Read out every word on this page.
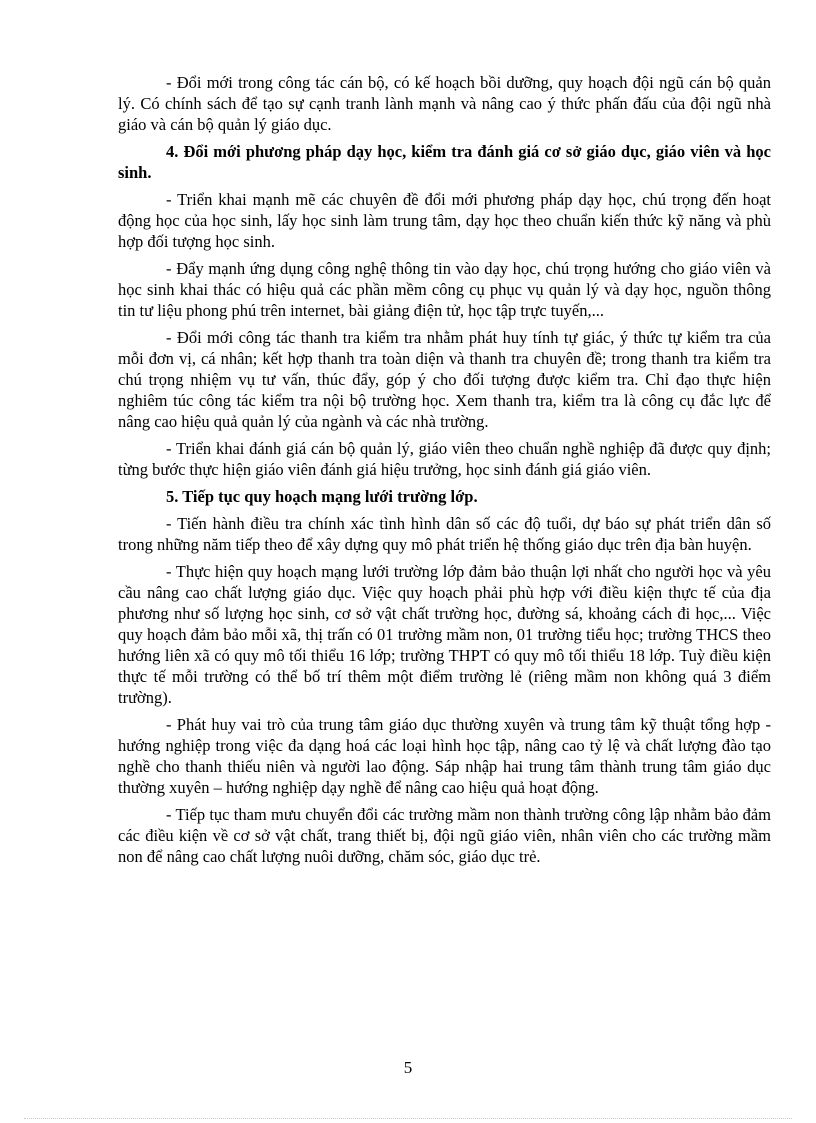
- Đổi mới trong công tác cán bộ, có kế hoạch bồi dưỡng, quy hoạch đội ngũ cán bộ quản lý. Có chính sách để tạo sự cạnh tranh lành mạnh và nâng cao ý thức phấn đấu của đội ngũ nhà giáo và cán bộ quản lý giáo dục.

4. Đổi mới phương pháp dạy học, kiểm tra đánh giá cơ sở giáo dục, giáo viên và học sinh.

- Triển khai mạnh mẽ các chuyên đề đổi mới phương pháp dạy học, chú trọng đến hoạt động học của học sinh, lấy học sinh làm trung tâm, dạy học theo chuẩn kiến thức kỹ năng và phù hợp đối tượng học sinh.

- Đẩy mạnh ứng dụng công nghệ thông tin vào dạy học, chú trọng hướng cho giáo viên và học sinh khai thác có hiệu quả các phần mềm công cụ phục vụ quản lý và dạy học, nguồn thông tin tư liệu phong phú trên internet, bài giảng điện tử, học tập trực tuyến,...

- Đổi mới công tác thanh tra kiểm tra nhằm phát huy tính tự giác, ý thức tự kiểm tra của mỗi đơn vị, cá nhân; kết hợp thanh tra toàn diện và thanh tra chuyên đề; trong thanh tra kiểm tra chú trọng nhiệm vụ tư vấn, thúc đẩy, góp ý cho đối tượng được kiểm tra. Chỉ đạo thực hiện nghiêm túc công tác kiểm tra nội bộ trường học. Xem thanh tra, kiểm tra là công cụ đắc lực để nâng cao hiệu quả quản lý của ngành và các nhà trường.

- Triển khai đánh giá cán bộ quản lý, giáo viên theo chuẩn nghề nghiệp đã được quy định; từng bước thực hiện giáo viên đánh giá hiệu trưởng, học sinh đánh giá giáo viên.

5. Tiếp tục quy hoạch mạng lưới trường lớp.

- Tiến hành điều tra chính xác tình hình dân số các độ tuổi, dự báo sự phát triển dân số trong những năm tiếp theo để xây dựng quy mô phát triển hệ thống giáo dục trên địa bàn huyện.

- Thực hiện quy hoạch mạng lưới trường lớp đảm bảo thuận lợi nhất cho người học và yêu cầu nâng cao chất lượng giáo dục. Việc quy hoạch phải phù hợp với điều kiện thực tế của địa phương như số lượng học sinh, cơ sở vật chất trường học, đường sá, khoảng cách đi học,... Việc quy hoạch đảm bảo mỗi xã, thị trấn có 01 trường mầm non, 01 trường tiểu học; trường THCS theo hướng liên xã có quy mô tối thiểu 16 lớp; trường THPT có quy mô tối thiểu 18 lớp. Tuỳ điều kiện thực tế mỗi trường có thể bố trí thêm một điểm trường lẻ (riêng mầm non không quá 3 điểm trường).

- Phát huy vai trò của trung tâm giáo dục thường xuyên và trung tâm kỹ thuật tổng hợp - hướng nghiệp trong việc đa dạng hoá các loại hình học tập, nâng cao tỷ lệ và chất lượng đào tạo nghề cho thanh thiếu niên và người lao động. Sáp nhập hai trung tâm thành trung tâm giáo dục thường xuyên – hướng nghiệp dạy nghề để nâng cao hiệu quả hoạt động.

- Tiếp tục tham mưu chuyển đổi các trường mầm non thành trường công lập nhằm bảo đảm các điều kiện về cơ sở vật chất, trang thiết bị, đội ngũ giáo viên, nhân viên cho các trường mầm non để nâng cao chất lượng nuôi dưỡng, chăm sóc, giáo dục trẻ.

5
